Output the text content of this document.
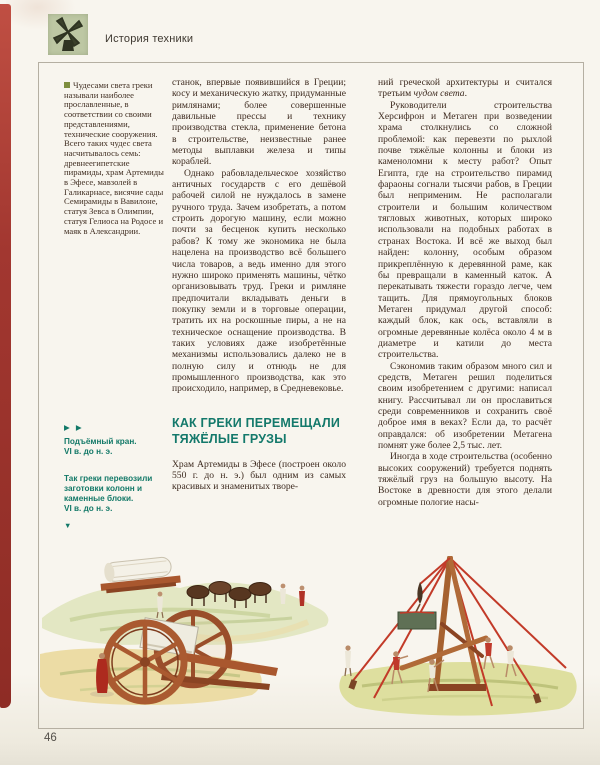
История техники
Чудесами света греки называли наиболее прославленные, в соответствии со своими представлениями, технические сооружения. Всего таких чудес света насчитывалось семь: древнеегипетские пирамиды, храм Артемиды в Эфесе, мавзолей в Галикарнасе, висячие сады Семирамиды в Вавилоне, статуя Зевса в Олимпии, статуя Гелиоса на Родосе и маяк в Александрии.
▶ ▶
Подъёмный кран.
VI в. до н. э.
Так греки перевозили заготовки колонн и каменные блоки.
VI в. до н. э.
▼

станок, впервые появившийся в Греции; косу и механическую жатку, придуманные римлянами; более совершенные давильные прессы и технику производства стекла, применение бетона в строительстве, неизвестные ранее методы выплавки железа и типы кораблей.

Однако рабовладельческое хозяйство античных государств с его дешёвой рабочей силой не нуждалось в замене ручного труда. Зачем изобретать, а потом строить дорогую машину, если можно почти за бесценок купить несколько рабов? К тому же экономика не была нацелена на производство всё большего числа товаров, а ведь именно для этого нужно широко применять машины, чётко организовывать труд. Греки и римляне предпочитали вкладывать деньги в покупку земли и в торговые операции, тратить их на роскошные пиры, а не на техническое оснащение производства. В таких условиях даже изобретённые механизмы использовались далеко не в полную силу и отнюдь не для промышленного производства, как это происходило, например, в Средневековье.

КАК ГРЕКИ ПЕРЕМЕЩАЛИ ТЯЖЁЛЫЕ ГРУЗЫ

Храм Артемиды в Эфесе (построен около 550 г. до н. э.) был одним из самых красивых и знаменитых творе-

ний греческой архитектуры и считался третьим чудом света.

Руководители строительства Херсифрон и Метаген при возведении храма столкнулись со сложной проблемой: как перевезти по рыхлой почве тяжёлые колонны и блоки из каменоломни к месту работ? Опыт Египта, где на строительство пирамид фараоны согнали тысячи рабов, в Греции был неприменим. Не располагали строители и большим количеством тягловых животных, которых широко использовали на подобных работах в странах Востока. И всё же выход был найден: колонну, особым образом прикреплённую к деревянной раме, как бы превращали в каменный каток. А перекатывать тяжести гораздо легче, чем тащить. Для прямоугольных блоков Метаген придумал другой способ: каждый блок, как ось, вставляли в огромные деревянные колёса около 4 м в диаметре и катили до места строительства.

Сэкономив таким образом много сил и средств, Метаген решил поделиться своим изобретением с другими: написал книгу. Рассчитывал ли он прославиться среди современников и сохранить своё доброе имя в веках? Если да, то расчёт оправдался: об изобретении Метагена помнят уже более 2,5 тыс. лет.

Иногда в ходе строительства (особенно высоких сооружений) требуется поднять тяжёлый груз на большую высоту. На Востоке в древности для этого делали огромные пологие насы-

46
